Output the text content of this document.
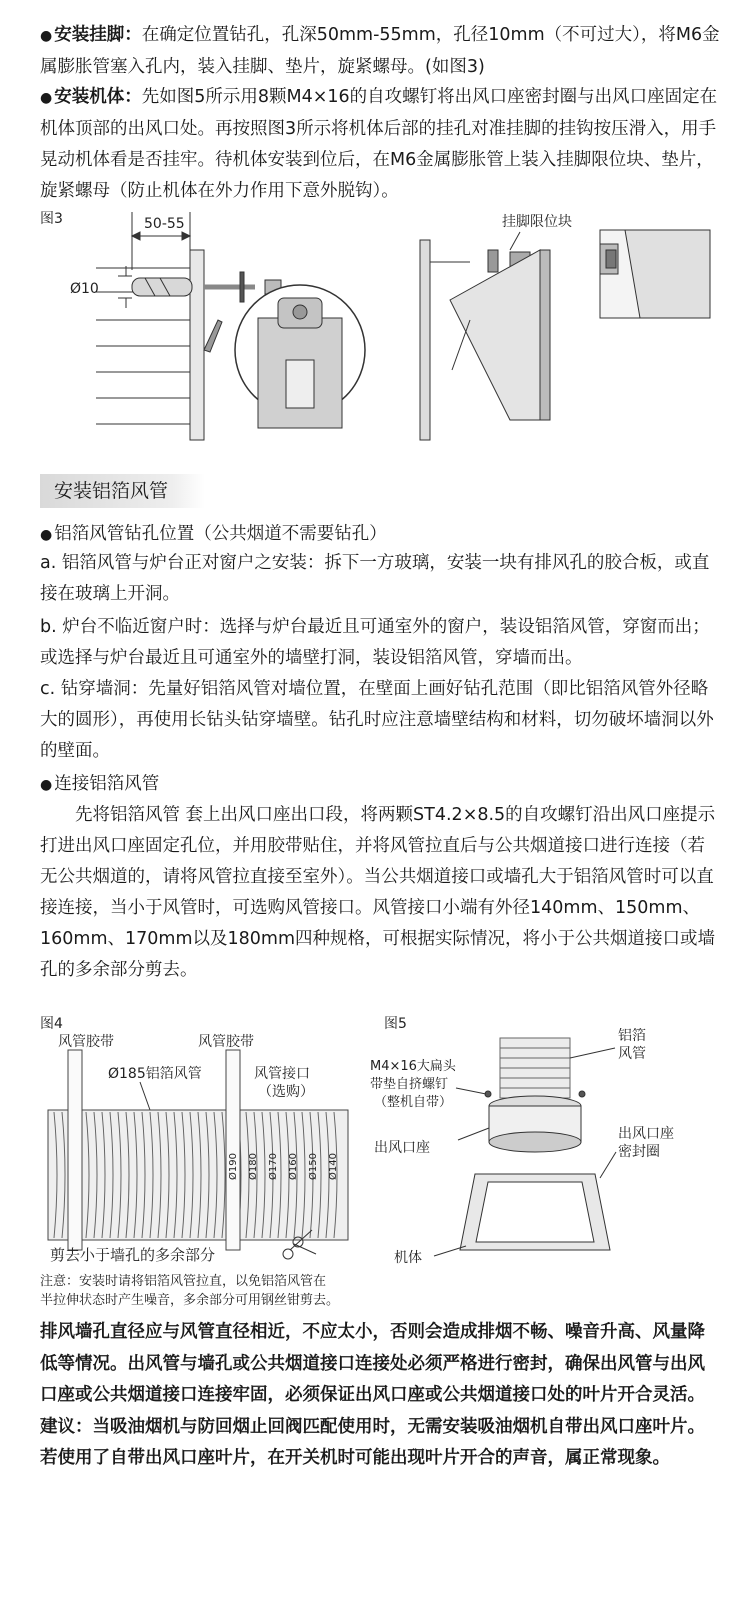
● 安装挂脚：在确定位置钻孔，孔深50mm-55mm，孔径10mm（不可过大），将M6金属膨胀管塞入孔内，装入挂脚、垫片，旋紧螺母。(如图3)

● 安装机体：先如图5所示用8颗M4×16的自攻螺钉将出风口座密封圈与出风口座固定在机体顶部的出风口处。再按照图3所示将机体后部的挂孔对准挂脚的挂钩按压滑入，用手晃动机体看是否挂牢。待机体安装到位后，在M6金属膨胀管上装入挂脚限位块、垫片，旋紧螺母（防止机体在外力作用下意外脱钩）。

图3	50-55
Ø10
挂脚限位块
安装铝箔风管

● 铝箔风管钻孔位置（公共烟道不需要钻孔）

a. 铝箔风管与炉台正对窗户之安装：拆下一方玻璃，安装一块有排风孔的胶合板，或直接在玻璃上开洞。

b. 炉台不临近窗户时：选择与炉台最近且可通室外的窗户，装设铝箔风管，穿窗而出；或选择与炉台最近且可通室外的墙壁打洞，装设铝箔风管，穿墙而出。

c. 钻穿墙洞：先量好铝箔风管对墙位置，在壁面上画好钻孔范围（即比铝箔风管外径略大的圆形），再使用长钻头钻穿墙壁。钻孔时应注意墙壁结构和材料，切勿破坏墙洞以外的壁面。

● 连接铝箔风管

先将铝箔风管 套上出风口座出口段，将两颗ST4.2×8.5的自攻螺钉沿出风口座提示打进出风口座固定孔位，并用胶带贴住，并将风管拉直后与公共烟道接口进行连接（若无公共烟道的，请将风管拉直接至室外）。当公共烟道接口或墙孔大于铝箔风管时可以直接连接，当小于风管时，可选购风管接口。风管接口小端有外径140mm、150mm、160mm、170mm以及180mm四种规格，可根据实际情况，将小于公共烟道接口或墙孔的多余部分剪去。

图4
风管胶带	风管胶带
Ø185铝箔风管	风管接口
（选购）
Ø190 Ø180 Ø170 Ø160 Ø150 Ø140
剪去小于墙孔的多余部分
图5
铝箔
风管
M4×16大扁头
带垫自挤螺钉
（整机自带）
出风口座
出风口座
密封圈
机体
注意：安装时请将铝箔风管拉直，以免铝箔风管在
半拉伸状态时产生噪音，多余部分可用钢丝钳剪去。

排风墙孔直径应与风管直径相近，不应太小，否则会造成排烟不畅、噪音升高、风量降低等情况。出风管与墙孔或公共烟道接口连接处必须严格进行密封，确保出风管与出风口座或公共烟道接口连接牢固，必须保证出风口座或公共烟道接口处的叶片开合灵活。建议：当吸油烟机与防回烟止回阀匹配使用时，无需安装吸油烟机自带出风口座叶片。若使用了自带出风口座叶片，在开关机时可能出现叶片开合的声音，属正常现象。
